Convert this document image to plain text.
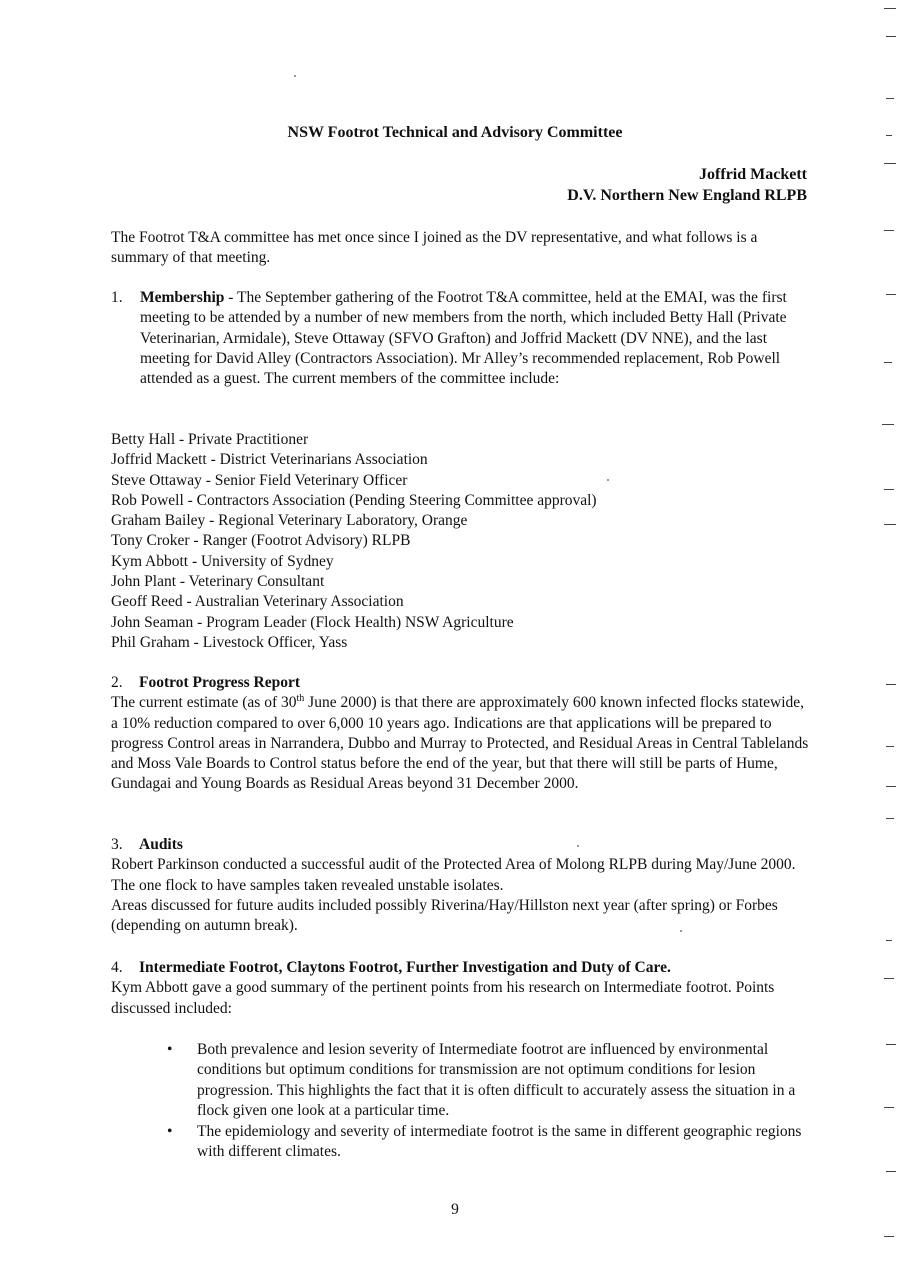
NSW Footrot Technical and Advisory Committee
Joffrid Mackett
D.V. Northern New England RLPB
The Footrot T&A committee has met once since I joined as the DV representative, and what follows is a summary of that meeting.
1. Membership - The September gathering of the Footrot T&A committee, held at the EMAI, was the first meeting to be attended by a number of new members from the north, which included Betty Hall (Private Veterinarian, Armidale), Steve Ottaway (SFVO Grafton) and Joffrid Mackett (DV NNE), and the last meeting for David Alley (Contractors Association). Mr Alley’s recommended replacement, Rob Powell attended as a guest. The current members of the committee include:
Betty Hall - Private Practitioner
Joffrid Mackett - District Veterinarians Association
Steve Ottaway - Senior Field Veterinary Officer
Rob Powell - Contractors Association (Pending Steering Committee approval)
Graham Bailey - Regional Veterinary Laboratory, Orange
Tony Croker - Ranger (Footrot Advisory) RLPB
Kym Abbott - University of Sydney
John Plant - Veterinary Consultant
Geoff Reed - Australian Veterinary Association
John Seaman - Program Leader (Flock Health) NSW Agriculture
Phil Graham - Livestock Officer, Yass
2. Footrot Progress Report
The current estimate (as of 30th June 2000) is that there are approximately 600 known infected flocks statewide, a 10% reduction compared to over 6,000 10 years ago. Indications are that applications will be prepared to progress Control areas in Narrandera, Dubbo and Murray to Protected, and Residual Areas in Central Tablelands and Moss Vale Boards to Control status before the end of the year, but that there will still be parts of Hume, Gundagai and Young Boards as Residual Areas beyond 31 December 2000.
3. Audits
Robert Parkinson conducted a successful audit of the Protected Area of Molong RLPB during May/June 2000. The one flock to have samples taken revealed unstable isolates.
Areas discussed for future audits included possibly Riverina/Hay/Hillston next year (after spring) or Forbes (depending on autumn break).
4. Intermediate Footrot, Claytons Footrot, Further Investigation and Duty of Care.
Kym Abbott gave a good summary of the pertinent points from his research on Intermediate footrot. Points discussed included:
• Both prevalence and lesion severity of Intermediate footrot are influenced by environmental conditions but optimum conditions for transmission are not optimum conditions for lesion progression. This highlights the fact that it is often difficult to accurately assess the situation in a flock given one look at a particular time.
• The epidemiology and severity of intermediate footrot is the same in different geographic regions with different climates.
9
